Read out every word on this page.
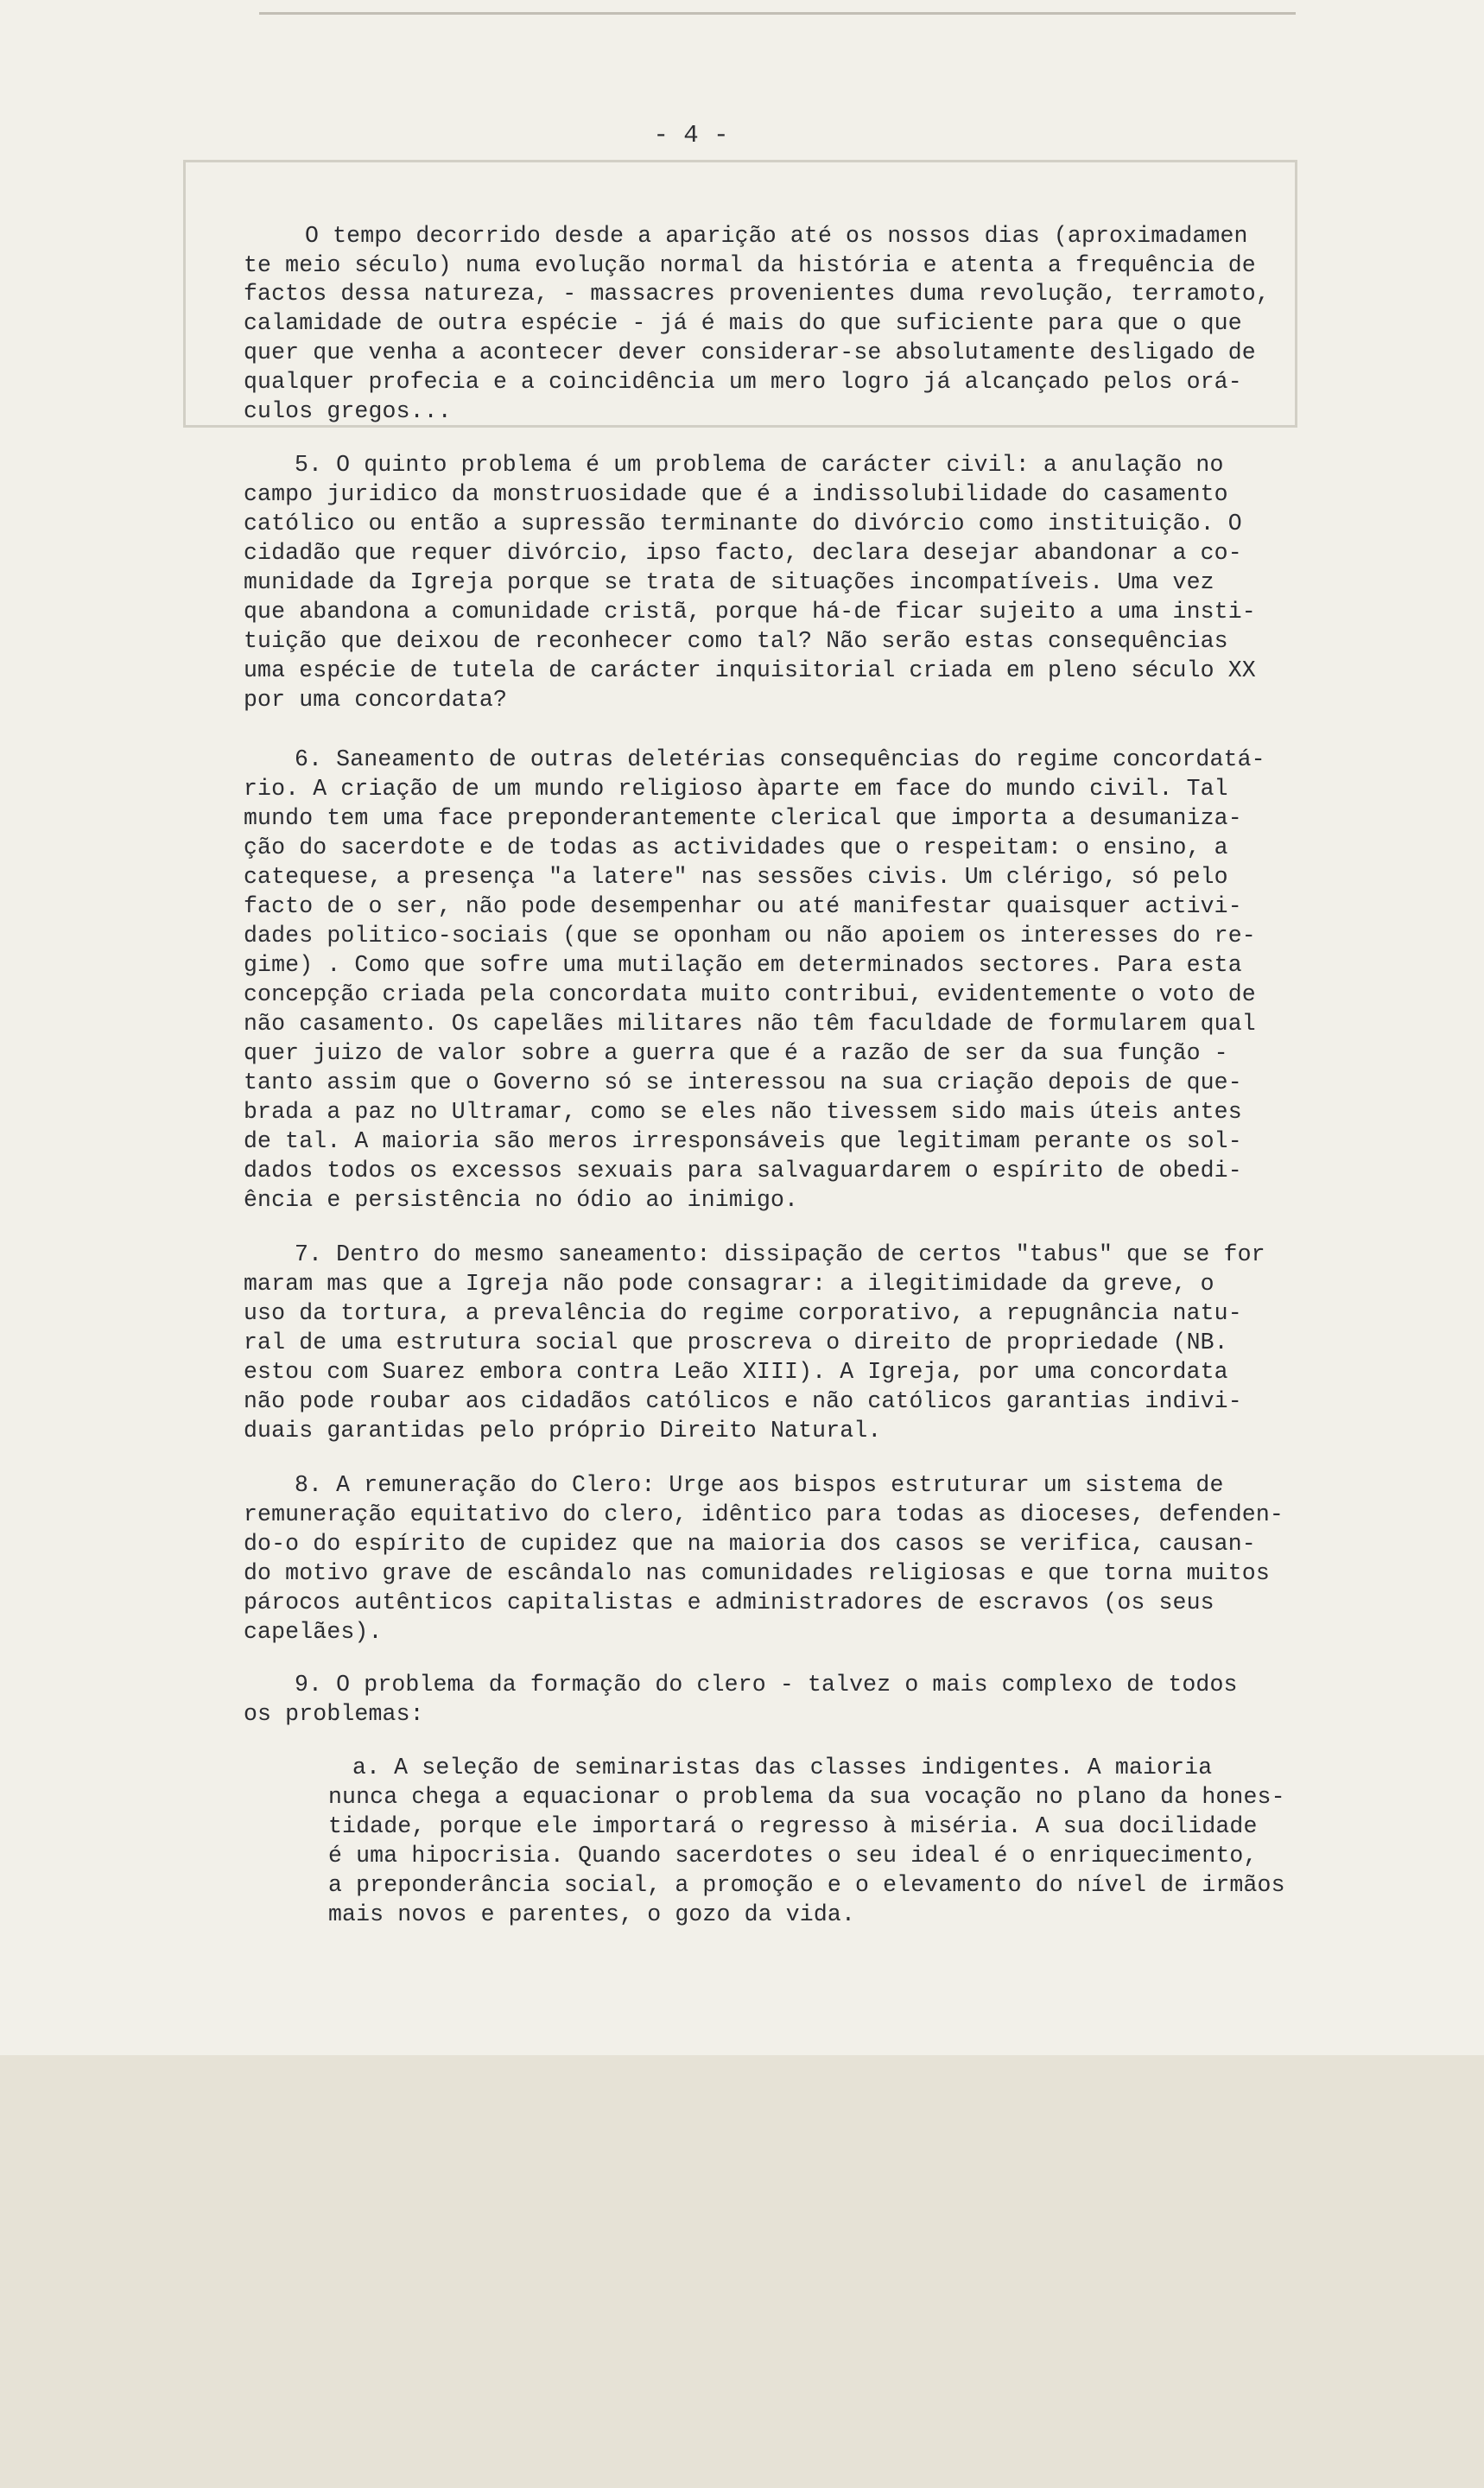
- 4 -

O tempo decorrido desde a aparição até os nossos dias (aproximadamen

te meio século) numa evolução normal da história e atenta a frequência de

factos dessa natureza, - massacres provenientes duma revolução, terramoto,

calamidade de outra espécie - já é mais do que suficiente para que o que

quer que venha a acontecer dever considerar-se absolutamente desligado de

qualquer profecia e a coincidência um mero logro já alcançado pelos orá-

culos gregos...

5. O quinto problema é um problema de carácter civil: a anulação no

campo juridico da monstruosidade que é a indissolubilidade do casamento

católico ou então a supressão terminante do divórcio como instituição. O

cidadão que requer divórcio, ipso facto, declara desejar abandonar a co-

munidade da Igreja porque se trata de situações incompatíveis. Uma vez

que abandona a comunidade cristã, porque há-de ficar sujeito a uma insti-

tuição que deixou de reconhecer como tal? Não serão estas consequências

uma espécie de tutela de carácter inquisitorial criada em pleno século XX

por uma concordata?

6. Saneamento de outras deletérias consequências do regime concordatá-

rio. A criação de um mundo religioso àparte em face do mundo civil. Tal

mundo tem uma face preponderantemente clerical que importa a desumaniza-

ção do sacerdote e de todas as actividades que o respeitam: o ensino, a

catequese, a presença "a latere" nas sessões civis. Um clérigo, só pelo

facto de o ser, não pode desempenhar ou até manifestar quaisquer activi-

dades politico-sociais (que se oponham ou não apoiem os interesses do re-

gime) . Como que sofre uma mutilação em determinados sectores. Para esta

concepção criada pela concordata muito contribui, evidentemente o voto de

não casamento. Os capelães militares não têm faculdade de formularem qual

quer juizo de valor sobre a guerra que é a razão de ser da sua função -

tanto assim que o Governo só se interessou na sua criação depois de que-

brada a paz no Ultramar, como se eles não tivessem sido mais úteis antes

de tal. A maioria são meros irresponsáveis que legitimam perante os sol-

dados todos os excessos sexuais para salvaguardarem o espírito de obedi-

ência e persistência no ódio ao inimigo.

7. Dentro do mesmo saneamento: dissipação de certos "tabus" que se for

maram mas que a Igreja não pode consagrar: a ilegitimidade da greve, o

uso da tortura, a prevalência do regime corporativo, a repugnância natu-

ral de uma estrutura social que proscreva o direito de propriedade (NB.

estou com Suarez embora contra Leão XIII). A Igreja, por uma concordata

não pode roubar aos cidadãos católicos e não católicos garantias indivi-

duais garantidas pelo próprio Direito Natural.

8. A remuneração do Clero: Urge aos bispos estruturar um sistema de

remuneração equitativo do clero, idêntico para todas as dioceses, defenden-

do-o do espírito de cupidez que na maioria dos casos se verifica, causan-

do motivo grave de escândalo nas comunidades religiosas e que torna muitos

párocos autênticos capitalistas e administradores de escravos (os seus

capelães).

9. O problema da formação do clero - talvez o mais complexo de todos

os problemas:

a. A seleção de seminaristas das classes indigentes. A maioria

nunca chega a equacionar o problema da sua vocação no plano da hones-

tidade, porque ele importará o regresso à miséria. A sua docilidade

é uma hipocrisia. Quando sacerdotes o seu ideal é o enriquecimento,

a preponderância social, a promoção e o elevamento do nível de irmãos

mais novos e parentes, o gozo da vida.
